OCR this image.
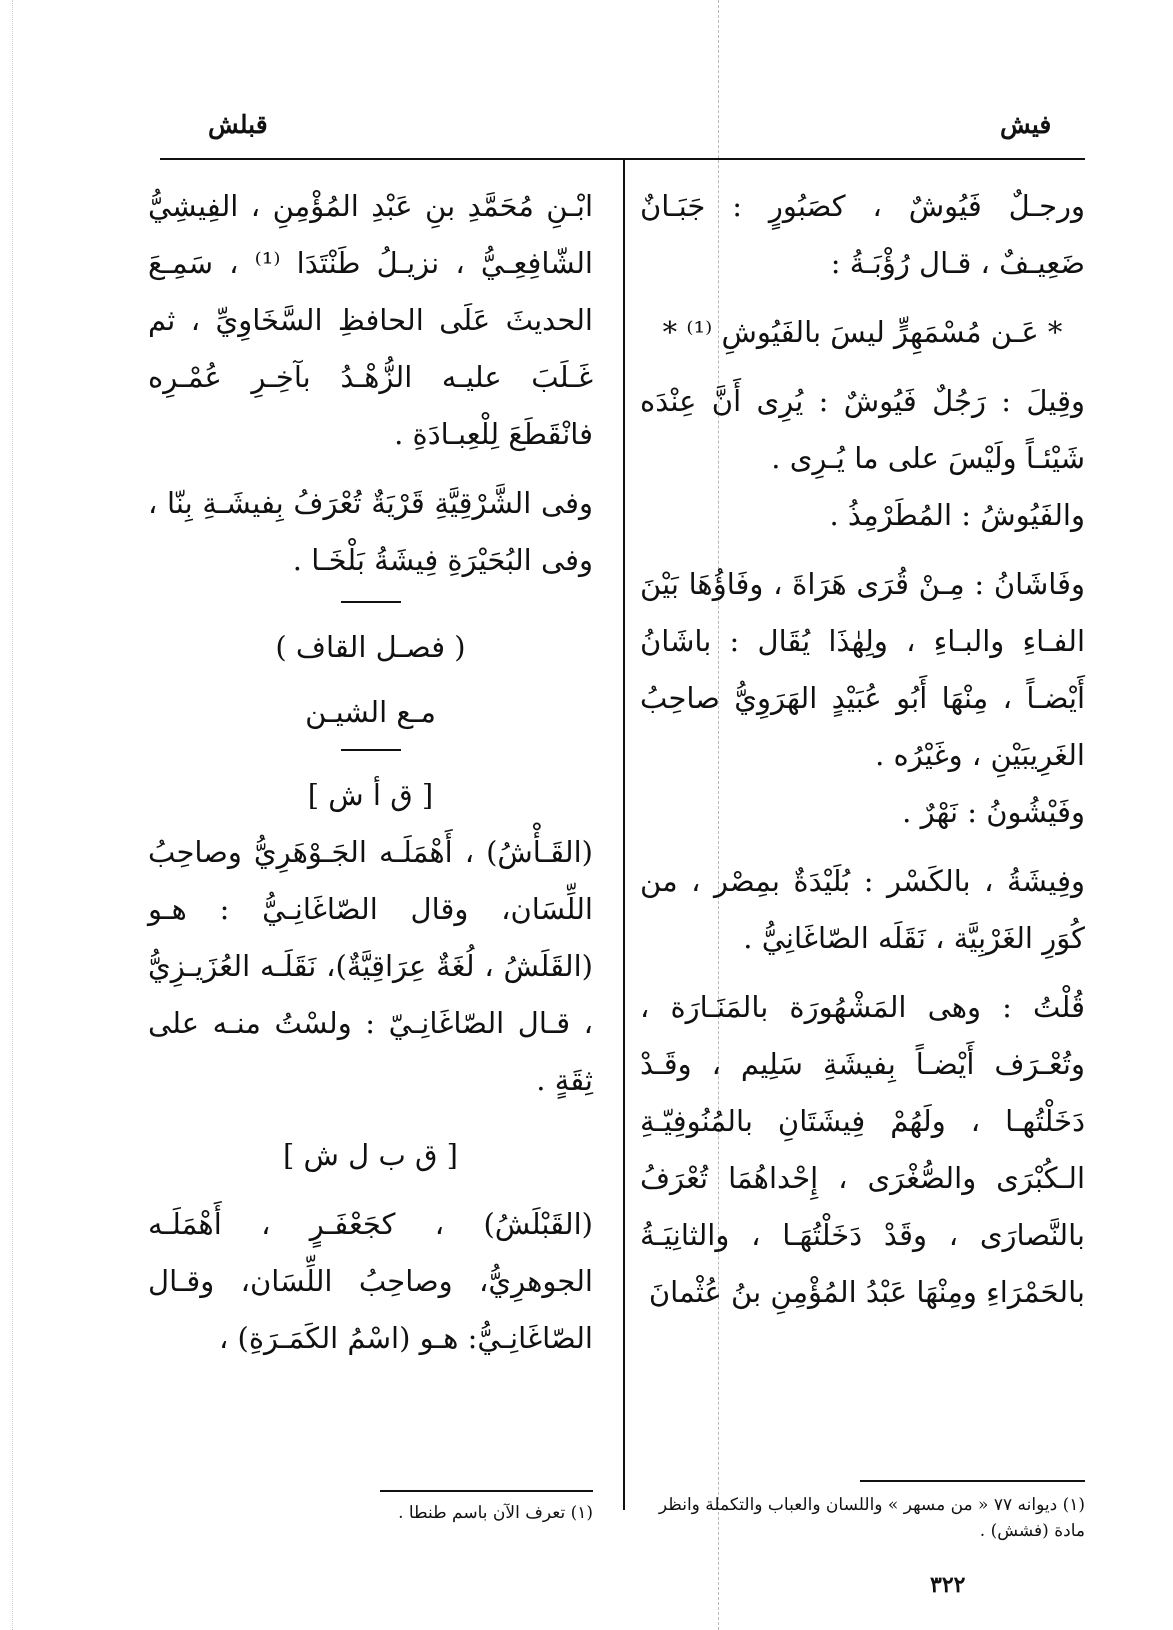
قبلش	فيش

ورجـلٌ فَيُوشٌ ، كصَبُورٍ : جَبَـانٌ ضَعِيـفٌ ، قـال رُؤْبَـةُ :

* عَـن مُسْمَهِرٍّ ليسَ بالفَيُوشِ ⁽¹⁾ *

وقِيلَ : رَجُلٌ فَيُوشٌ : يُرِى أَنَّ عِنْدَه شَيْئـاً ولَيْسَ على ما يُـرِى .

والفَيُوشُ : المُطَرْمِذُ .

وفَاشَانُ : مِـنْ قُرَى هَرَاةَ ، وفَاؤُهَا بَيْنَ الفـاءِ والبـاءِ ، ولِهٰذَا يُقَال : باشَانُ أَيْضـاً ، مِنْهَا أَبُو عُبَيْدٍ الهَرَوِيُّ صاحِبُ الغَرِيبَيْنِ ، وغَيْرُه .

وفَيْشُونُ : نَهْرٌ .

وفِيشَةُ ، بالكَسْر : بُلَيْدَةٌ بمِصْر ، من كُوَرِ الغَرْبِيَّة ، نَقَلَه الصّاغَانِيُّ .

قُلْتُ : وهى المَشْهُورَة بالمَنَـارَة ، وتُعْـرَف أَيْضـاً بِفيشَةِ سَلِيم ، وقَـدْ دَخَلْتُهـا ، ولَهُمْ فِيشَتَانِ بالمُنُوفِيّـةِ الـكُبْرَى والصُّغْرَى ، إِحْداهُمَا تُعْرَفُ بالنَّصارَى ، وقَدْ دَخَلْتُهَـا ، والثانِيَـةُ بالحَمْرَاءِ ومِنْهَا عَبْدُ المُؤْمِنِ بنُ عُثْمانَ

(١) ديوانه ٧٧ « من مسهر » واللسان والعباب والتكملة وانظر مادة (فشش) .

ابْـنِ مُحَمَّدِ بنِ عَبْدِ المُؤْمِنِ ، الفِيشِيُّ الشّافِعِـيُّ ، نزيـلُ طَنْتَدَا ⁽¹⁾ ، سَمِـعَ الحديثَ عَلَى الحافظِ السَّخَاوِيِّ ، ثم غَـلَبَ عليـه الزُّهْـدُ بآخِـرِ عُمْـرِه فانْقَطَعَ لِلْعِبـادَةِ .

وفى الشَّرْقِيَّةِ قَرْيَةٌ تُعْرَفُ بِفيشَـةِ بِنّا ، وفى البُحَيْرَةِ فِيشَةُ بَلْخَـا .

( فصـل القاف )

مـع الشيـن

[ ق أ ش ]

(القَـأْشُ) ، أَهْمَلَـه الجَـوْهَرِيُّ وصاحِبُ اللِّسَان، وقال الصّاغَانِـيُّ : هـو (القَلَشُ ، لُغَةٌ عِرَاقِيَّةٌ)، نَقَلَـه العُزَيـزِيُّ ، قـال الصّاغَانِـيّ : ولسْتُ منـه على ثِقَةٍ .

[ ق ب ل ش ]

(القَبْلَشُ) ، كجَعْفَـرٍ ، أَهْمَلَـه الجوهرِيُّ، وصاحِبُ اللِّسَان، وقـال الصّاغَانِـيُّ: هـو (اسْمُ الكَمَـرَةِ) ،

(١) تعرف الآن باسم طنطا .
٣٢٢
